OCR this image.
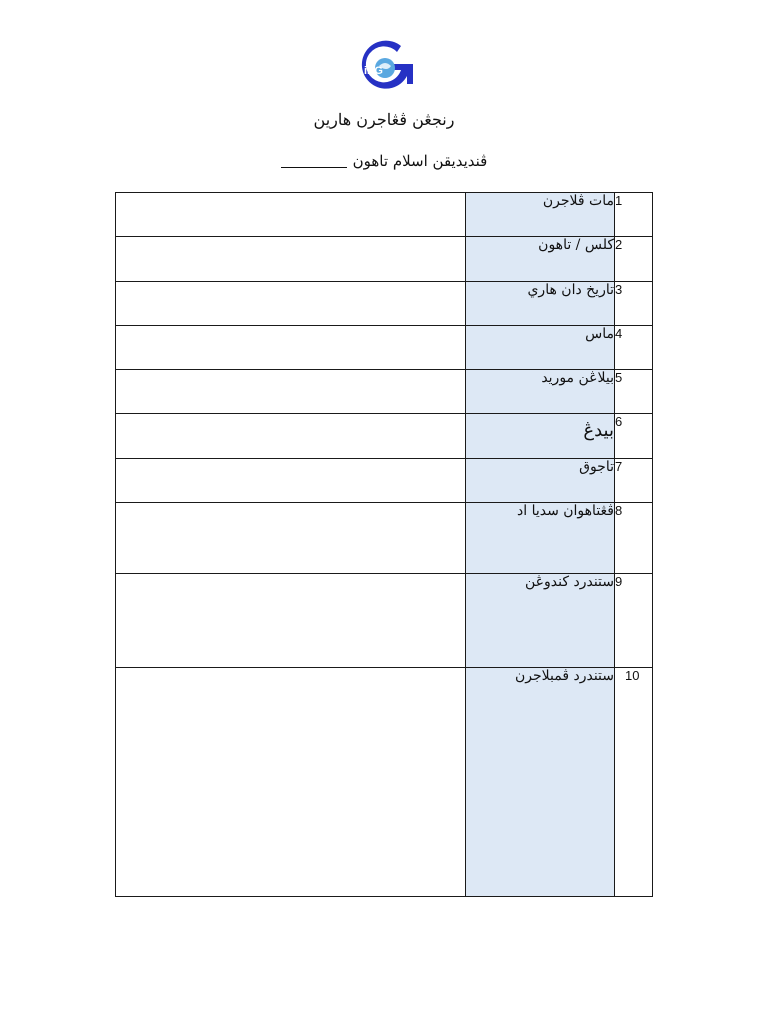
iPG
رنجڠن ڤڠاجرن هارين
ڤنديديقن اسلام تاهون
	مات ڤلاجرن	1
	کلس / تاهون	2
	تاريخ دان هاري	3
	ماس	4
	بيلاڠن موريد	5
	بيدڠ	6
	تاجوق	7
	ڤڠتاهوان سديا اد	8
	ستندرد کندوڠن	9
	ستندرد ڤمبلاجرن	10
